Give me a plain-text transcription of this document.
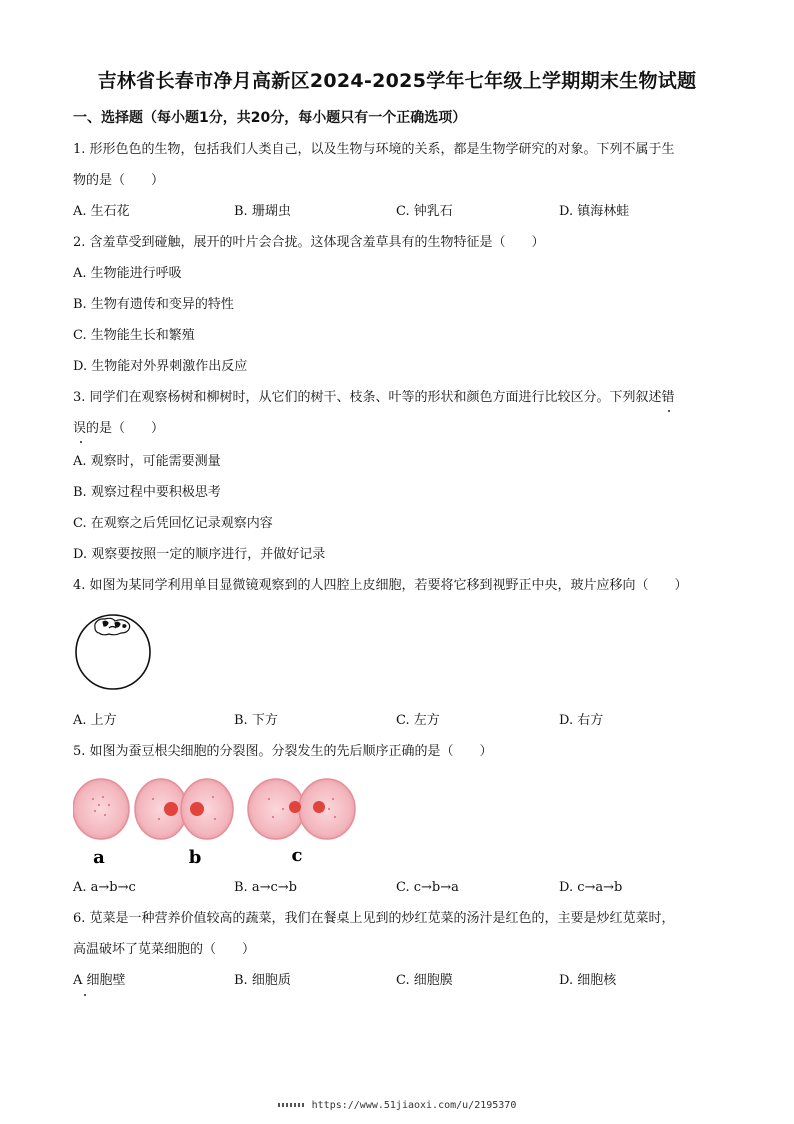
吉林省长春市净月高新区2024-2025学年七年级上学期期末生物试题
一、选择题（每小题1分，共20分，每小题只有一个正确选项）
1. 形形色色的生物，包括我们人类自己，以及生物与环境的关系，都是生物学研究的对象。下列不属于生
物的是（　　）
A. 生石花	B. 珊瑚虫	C. 钟乳石	D. 镇海林蛙
2. 含羞草受到碰触，展开的叶片会合拢。这体现含羞草具有的生物特征是（　　）
A. 生物能进行呼吸
B. 生物有遗传和变异的特性
C. 生物能生长和繁殖
D. 生物能对外界刺激作出反应
3. 同学们在观察杨树和柳树时，从它们的树干、枝条、叶等的形状和颜色方面进行比较区分。下列叙述错
误的是（　　）
A. 观察时，可能需要测量
B. 观察过程中要积极思考
C. 在观察之后凭回忆记录观察内容
D. 观察要按照一定的顺序进行，并做好记录
4. 如图为某同学利用单目显微镜观察到的人四腔上皮细胞，若要将它移到视野正中央，玻片应移向（　　）
A. 上方	B. 下方	C. 左方	D. 右方
5. 如图为蚕豆根尖细胞的分裂图。分裂发生的先后顺序正确的是（　　）
a	b	c
A. a→b→c	B. a→c→b	C. c→b→a	D. c→a→b
6. 苋菜是一种营养价值较高的蔬菜，我们在餐桌上见到的炒红苋菜的汤汁是红色的，主要是炒红苋菜时，
高温破坏了苋菜细胞的（　　）
A 细胞壁	B. 细胞质	C. 细胞膜	D. 细胞核
https://www.51jiaoxi.com/u/2195370
